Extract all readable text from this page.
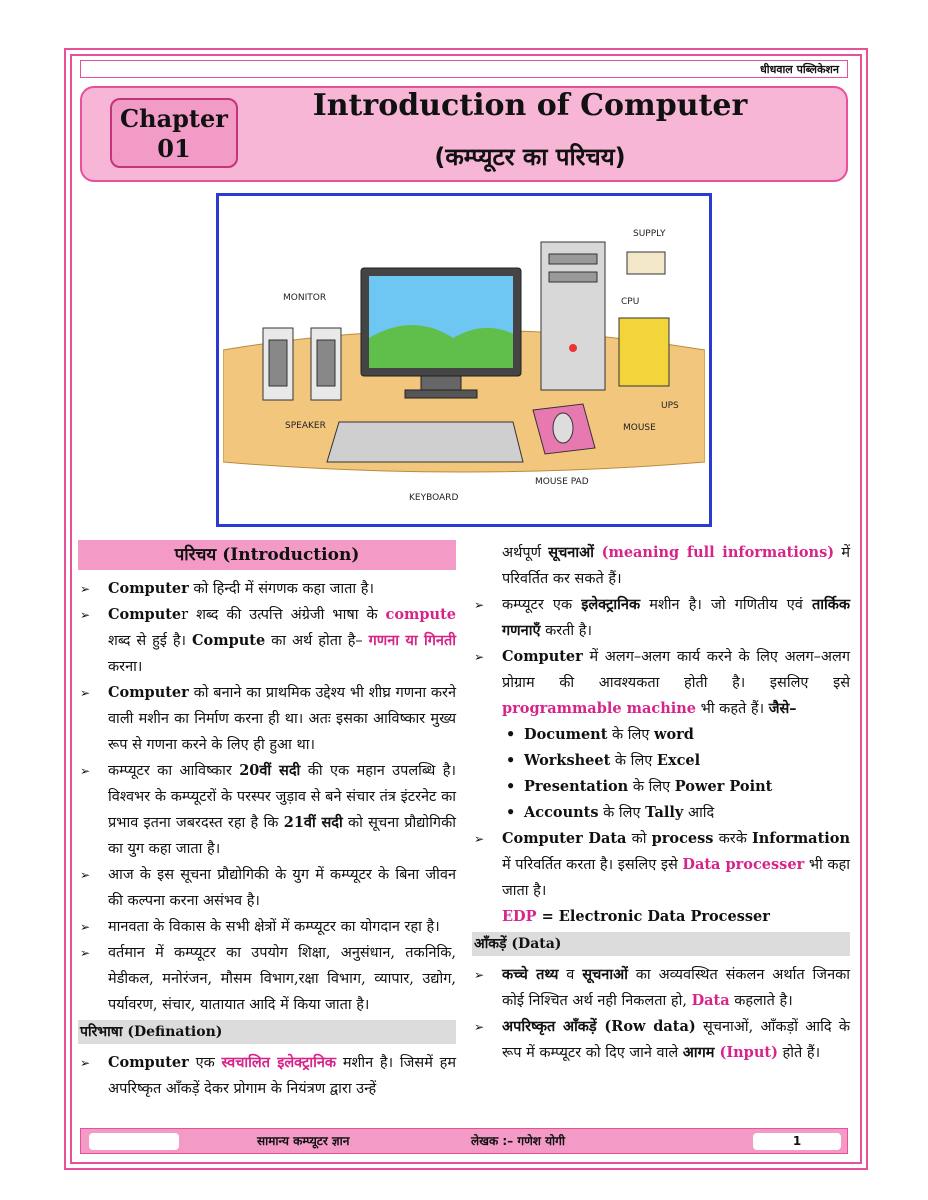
धीधवाल पब्लिकेशन
Chapter
01
Introduction of Computer
(कम्प्यूटर का परिचय)
SUPPLY
MONITOR	CPU
UPS
SPEAKER	MOUSE
MOUSE PAD
KEYBOARD
परिचय (Introduction)
➢ Computer को हिन्दी में संगणक कहा जाता है।
➢ Computer शब्द की उत्पत्ति अंग्रेजी भाषा के compute शब्द से हुई है। Compute का अर्थ होता है– गणना या गिनती करना।
➢ Computer को बनाने का प्राथमिक उद्देश्य भी शीघ्र गणना करने वाली मशीन का निर्माण करना ही था। अतः इसका आविष्कार मुख्य रूप से गणना करने के लिए ही हुआ था।
➢ कम्प्यूटर का आविष्कार 20वीं सदी की एक महान उपलब्धि है। विश्वभर के कम्प्यूटरों के परस्पर जुड़ाव से बने संचार तंत्र इंटरनेट का प्रभाव इतना जबरदस्त रहा है कि 21वीं सदी को सूचना प्रौद्योगिकी का युग कहा जाता है।
➢ आज के इस सूचना प्रौद्योगिकी के युग में कम्प्यूटर के बिना जीवन की कल्पना करना असंभव है।
➢ मानवता के विकास के सभी क्षेत्रों में कम्प्यूटर का योगदान रहा है।
➢ वर्तमान में कम्प्यूटर का उपयोग शिक्षा, अनुसंधान, तकनिकि, मेडीकल, मनोरंजन, मौसम विभाग,रक्षा विभाग, व्यापार, उद्योग, पर्यावरण, संचार, यातायात आदि में किया जाता है।
परिभाषा (Defination)
➢ Computer एक स्वचालित इलेक्ट्रानिक मशीन है। जिसमें हम अपरिष्कृत आँकड़ें देकर प्रोगाम के नियंत्रण द्वारा उन्हें
अर्थपूर्ण सूचनाओं (meaning full informations) में परिवर्तित कर सकते हैं।
➢ कम्प्यूटर एक इलेक्ट्रानिक मशीन है। जो गणितीय एवं तार्किक गणनाएँ करती है।
➢ Computer में अलग–अलग कार्य करने के लिए अलग–अलग प्रोग्राम की आवश्यकता होती है। इसलिए इसे programmable machine भी कहते हैं। जैसे–
• Document के लिए word
• Worksheet के लिए Excel
• Presentation के लिए Power Point
• Accounts के लिए Tally आदि
➢ Computer Data को process करके Information में परिवर्तित करता है। इसलिए इसे Data processer भी कहा जाता है।
EDP = Electronic Data Processer
आँकड़ें (Data)
➢ कच्चे तथ्य व सूचनाओं का अव्यवस्थित संकलन अर्थात जिनका कोई निश्चित अर्थ नही निकलता हो, Data कहलाते है।
➢ अपरिष्कृत आँकड़ें (Row data) सूचनाओं, आँकड़ों आदि के रूप में कम्प्यूटर को दिए जाने वाले आगम (Input) होते हैं।
सामान्य कम्प्यूटर ज्ञान	लेखक :– गणेश योगी	1
